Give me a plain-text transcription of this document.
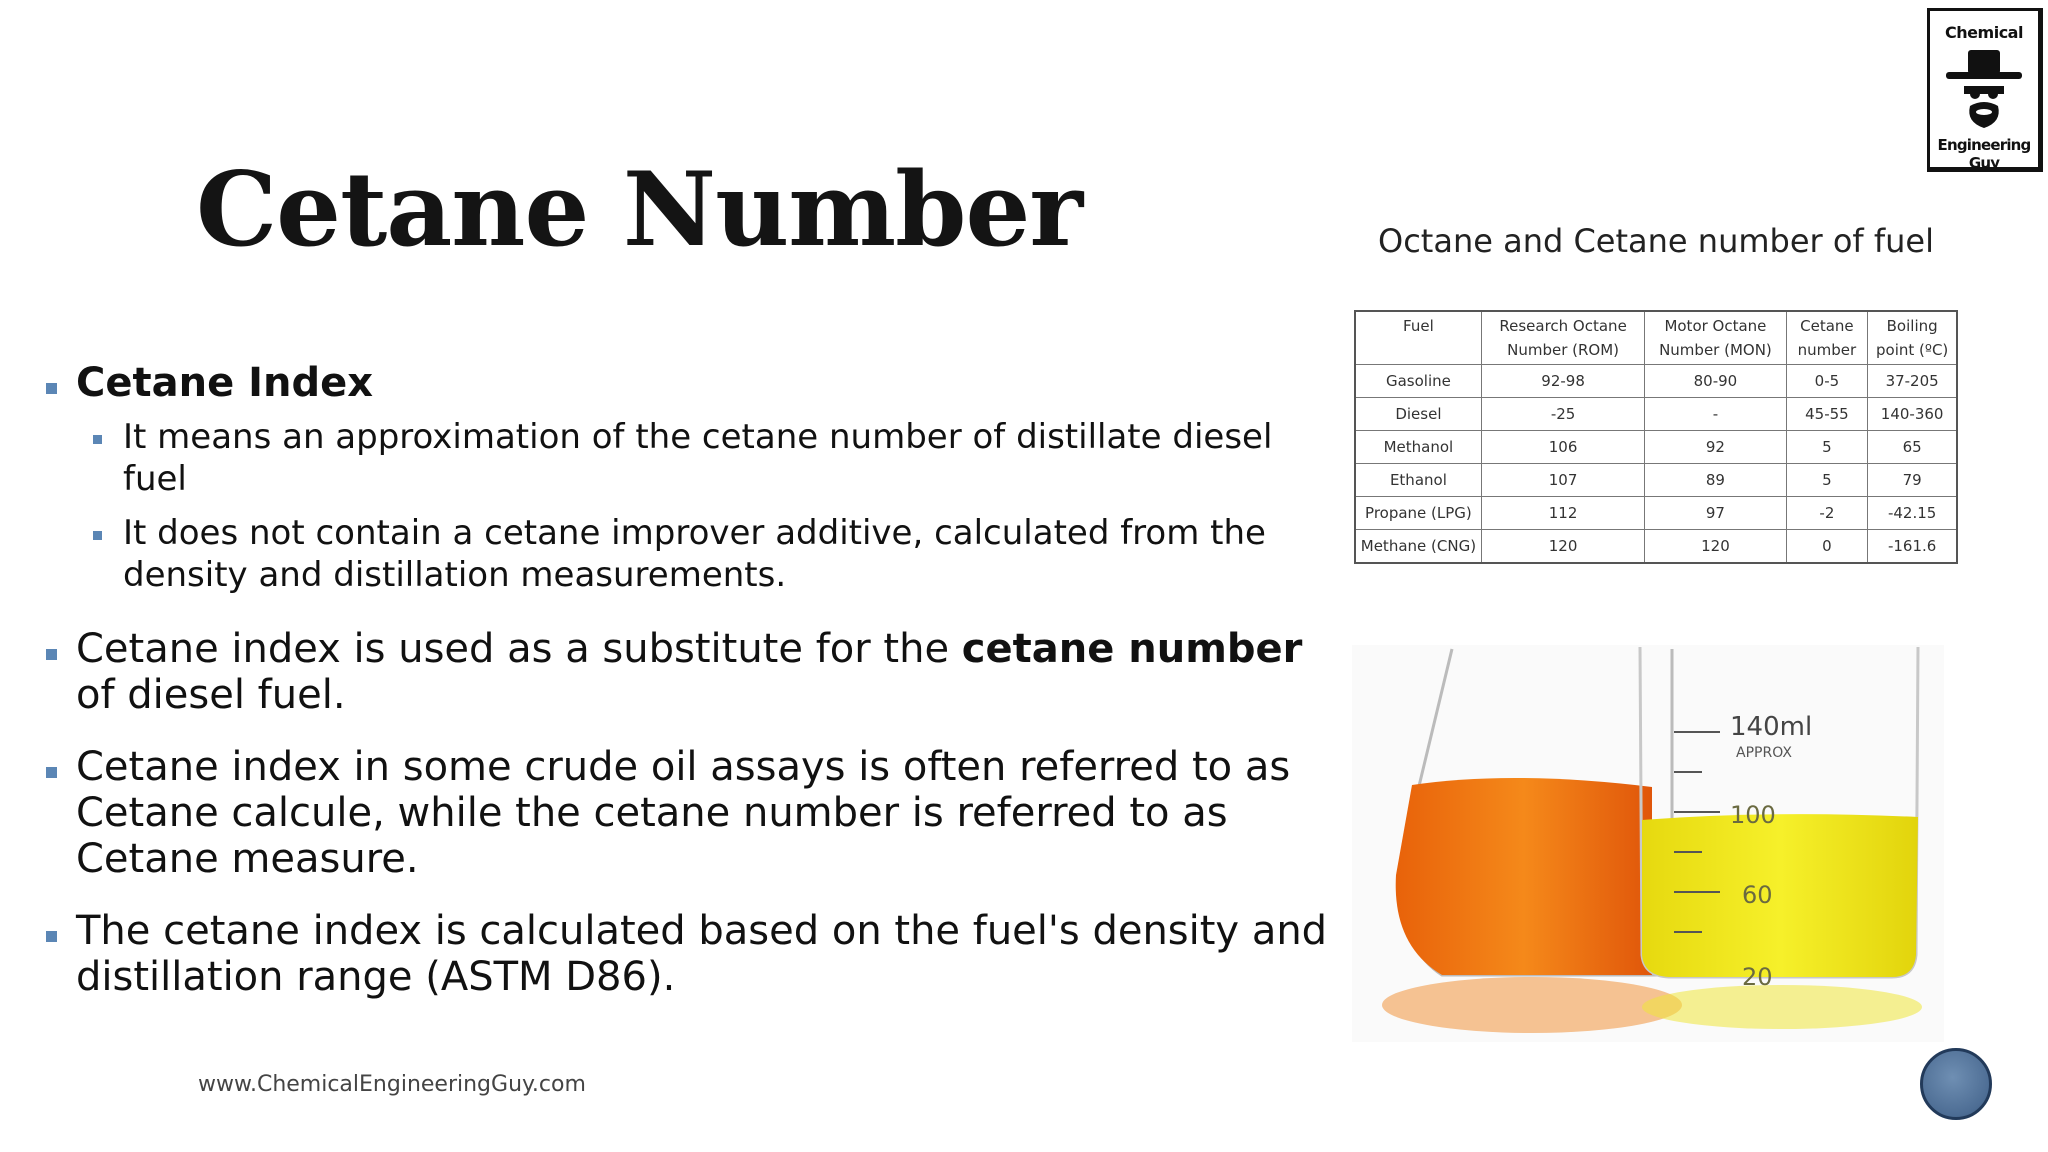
Chemical
Engineering Guy
Cetane Number
Cetane Index
It means an approximation of the cetane number of distillate diesel fuel
It does not contain a cetane improver additive, calculated from the density and distillation measurements.
Cetane index is used as a substitute for the cetane number of diesel fuel.
Cetane index in some crude oil assays is often referred to as Cetane calcule, while the cetane number is referred to as Cetane measure.
The cetane index is calculated based on the fuel's density and distillation range (ASTM D86).
www.ChemicalEngineeringGuy.com
Octane and Cetane number of fuel
Fuel	Research Octane Number (ROM)	Motor Octane Number (MON)	Cetane number	Boiling point (ºC)
Gasoline	92-98	80-90	0-5	37-205
Diesel	-25	-	45-55	140-360
Methanol	106	92	5	65
Ethanol	107	89	5	79
Propane (LPG)	112	97	-2	-42.15
Methane (CNG)	120	120	0	-161.6
140ml
APPROX
100
60
20
